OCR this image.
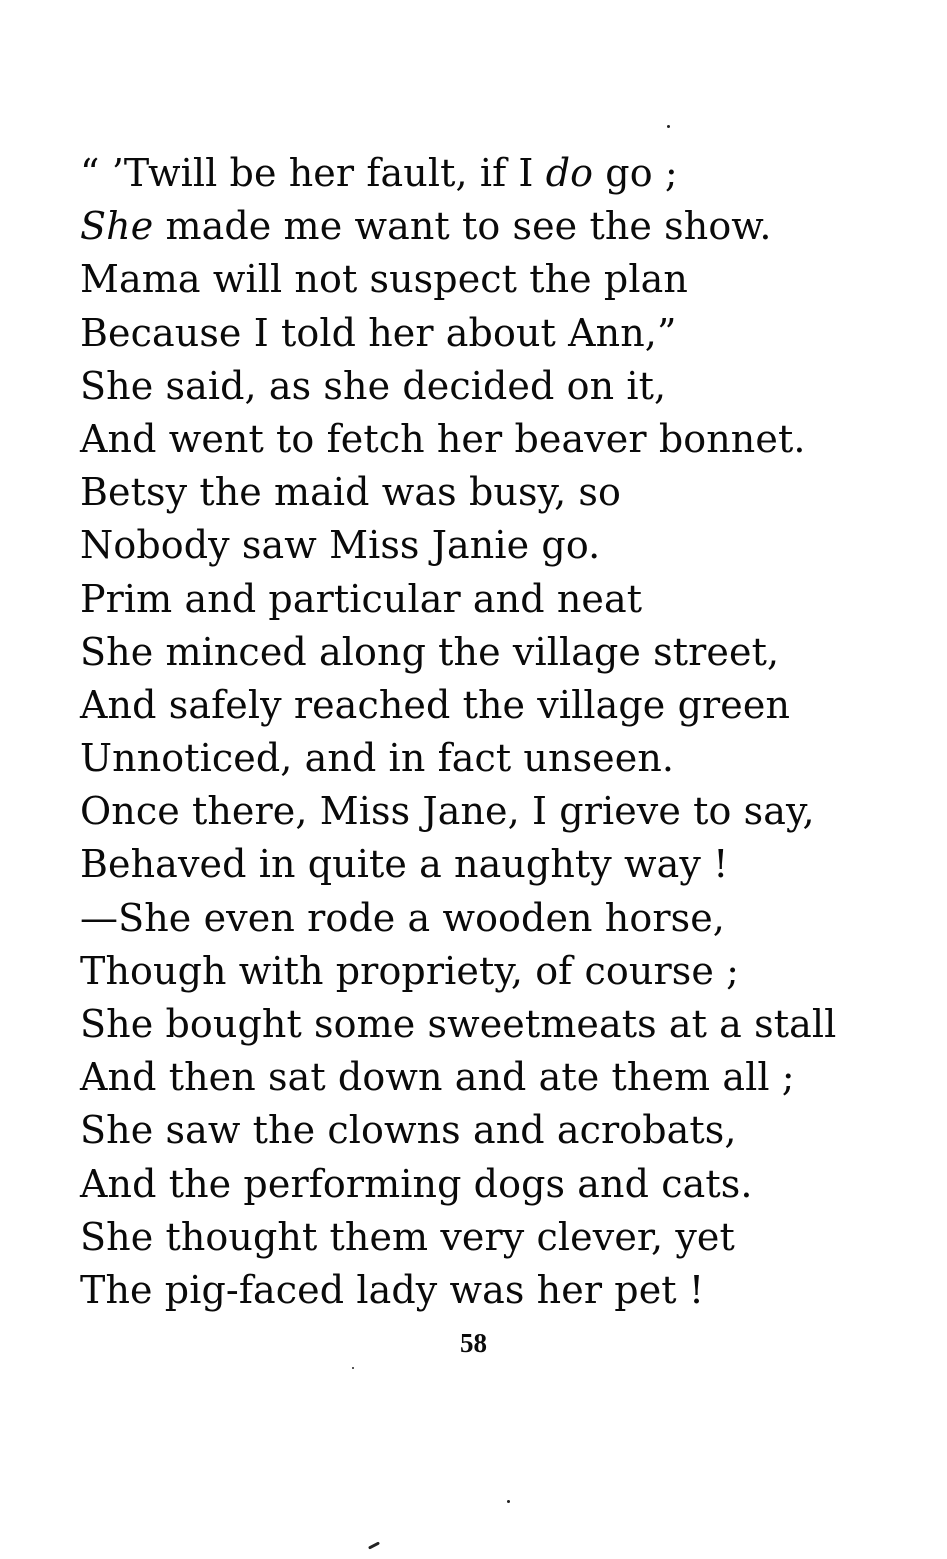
“ ’Twill be her fault, if I do go ;
She made me want to see the show.
Mama will not suspect the plan
Because I told her about Ann,”
She said, as she decided on it,
And went to fetch her beaver bonnet.
Betsy the maid was busy, so
Nobody saw Miss Janie go.
Prim and particular and neat
She minced along the village street,
And safely reached the village green
Unnoticed, and in fact unseen.
Once there, Miss Jane, I grieve to say,
Behaved in quite a naughty way !
—She even rode a wooden horse,
Though with propriety, of course ;
She bought some sweetmeats at a stall
And then sat down and ate them all ;
She saw the clowns and acrobats,
And the performing dogs and cats.
She thought them very clever, yet
The pig-faced lady was her pet !
58
